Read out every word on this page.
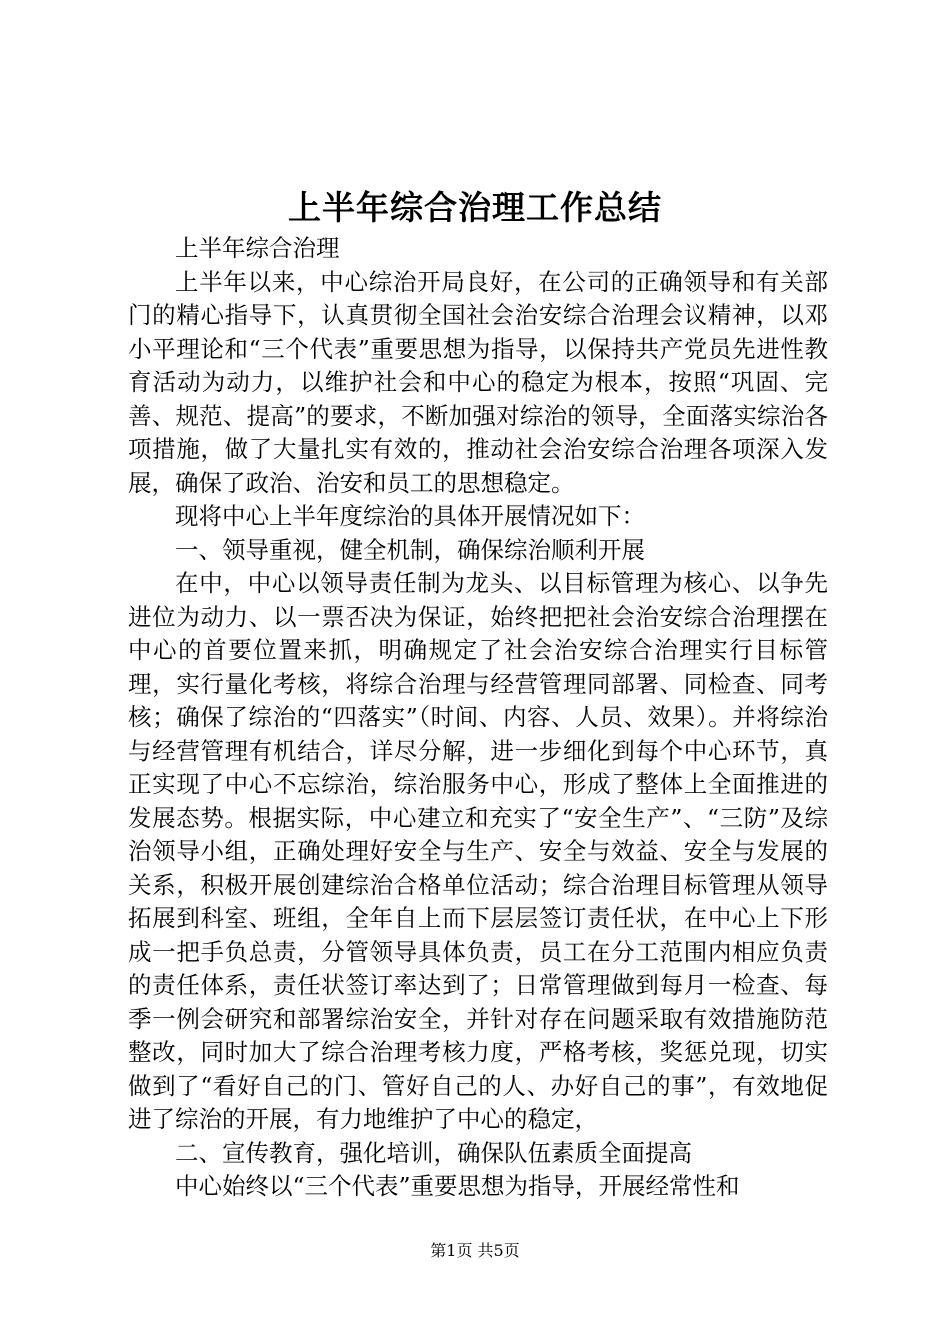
上半年综合治理工作总结

上半年综合治理

上半年以来，中心综治开局良好，在公司的正确领导和有关部门的精心指导下，认真贯彻全国社会治安综合治理会议精神，以邓小平理论和“三个代表”重要思想为指导，以保持共产党员先进性教育活动为动力，以维护社会和中心的稳定为根本，按照“巩固、完善、规范、提高”的要求，不断加强对综治的领导，全面落实综治各项措施，做了大量扎实有效的，推动社会治安综合治理各项深入发展，确保了政治、治安和员工的思想稳定。

现将中心上半年度综治的具体开展情况如下：

一、领导重视，健全机制，确保综治顺利开展

在中，中心以领导责任制为龙头、以目标管理为核心、以争先进位为动力、以一票否决为保证，始终把把社会治安综合治理摆在中心的首要位置来抓，明确规定了社会治安综合治理实行目标管理，实行量化考核，将综合治理与经营管理同部署、同检查、同考核；确保了综治的“四落实”（时间、内容、人员、效果）。并将综治与经营管理有机结合，详尽分解，进一步细化到每个中心环节，真正实现了中心不忘综治，综治服务中心，形成了整体上全面推进的发展态势。根据实际，中心建立和充实了“安全生产”、“三防”及综治领导小组，正确处理好安全与生产、安全与效益、安全与发展的关系，积极开展创建综治合格单位活动；综合治理目标管理从领导拓展到科室、班组，全年自上而下层层签订责任状，在中心上下形成一把手负总责，分管领导具体负责，员工在分工范围内相应负责的责任体系，责任状签订率达到了；日常管理做到每月一检查、每季一例会研究和部署综治安全，并针对存在问题采取有效措施防范整改，同时加大了综合治理考核力度，严格考核，奖惩兑现，切实做到了“看好自己的门、管好自己的人、办好自己的事”，有效地促进了综治的开展，有力地维护了中心的稳定，

二、宣传教育，强化培训，确保队伍素质全面提高

中心始终以“三个代表”重要思想为指导，开展经常性和

第1页 共5页
